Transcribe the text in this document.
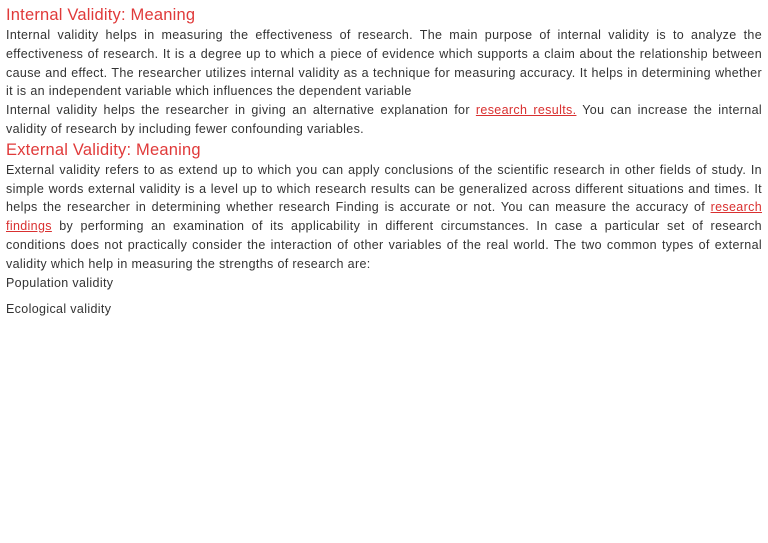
Internal Validity: Meaning

Internal validity helps in measuring the effectiveness of research. The main purpose of internal validity is to analyze the effectiveness of research. It is a degree up to which a piece of evidence which supports a claim about the relationship between cause and effect. The researcher utilizes internal validity as a technique for measuring accuracy. It helps in determining whether it is an independent variable which influences the dependent variable

Internal validity helps the researcher in giving an alternative explanation for research results. You can increase the internal validity of research by including fewer confounding variables.

External Validity: Meaning

External validity refers to as extend up to which you can apply conclusions of the scientific research in other fields of study. In simple words external validity is a level up to which research results can be generalized across different situations and times. It helps the researcher in determining whether research Finding is accurate or not. You can measure the accuracy of research findings by performing an examination of its applicability in different circumstances. In case a particular set of research conditions does not practically consider the interaction of other variables of the real world. The two common types of external validity which help in measuring the strengths of research are:

Population validity

Ecological validity
